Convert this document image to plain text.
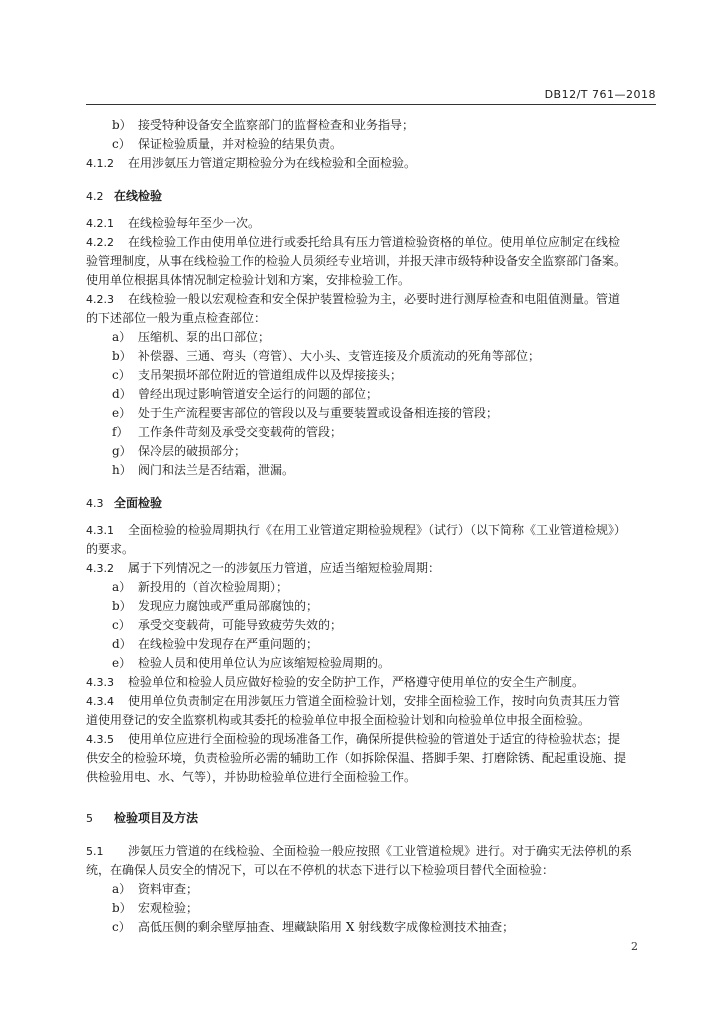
DB12/T 761—2018
b） 接受特种设备安全监察部门的监督检查和业务指导；
c） 保证检验质量，并对检验的结果负责。
4.1.2 在用涉氨压力管道定期检验分为在线检验和全面检验。
4.2 在线检验
4.2.1 在线检验每年至少一次。
4.2.2 在线检验工作由使用单位进行或委托给具有压力管道检验资格的单位。使用单位应制定在线检
验管理制度，从事在线检验工作的检验人员须经专业培训，并报天津市级特种设备安全监察部门备案。
使用单位根据具体情况制定检验计划和方案，安排检验工作。
4.2.3 在线检验一般以宏观检查和安全保护装置检验为主，必要时进行测厚检查和电阻值测量。管道
的下述部位一般为重点检查部位：
a） 压缩机、泵的出口部位；
b） 补偿器、三通、弯头（弯管）、大小头、支管连接及介质流动的死角等部位；
c） 支吊架损坏部位附近的管道组成件以及焊接接头；
d） 曾经出现过影响管道安全运行的问题的部位；
e） 处于生产流程要害部位的管段以及与重要装置或设备相连接的管段；
f） 工作条件苛刻及承受交变载荷的管段；
g） 保冷层的破损部分；
h） 阀门和法兰是否结霜，泄漏。
4.3 全面检验
4.3.1 全面检验的检验周期执行《在用工业管道定期检验规程》（试行）（以下简称《工业管道检规》）
的要求。
4.3.2 属于下列情况之一的涉氨压力管道，应适当缩短检验周期：
a） 新投用的（首次检验周期）；
b） 发现应力腐蚀或严重局部腐蚀的；
c） 承受交变载荷，可能导致疲劳失效的；
d） 在线检验中发现存在严重问题的；
e） 检验人员和使用单位认为应该缩短检验周期的。
4.3.3 检验单位和检验人员应做好检验的安全防护工作，严格遵守使用单位的安全生产制度。
4.3.4 使用单位负责制定在用涉氨压力管道全面检验计划，安排全面检验工作，按时向负责其压力管
道使用登记的安全监察机构或其委托的检验单位申报全面检验计划和向检验单位申报全面检验。
4.3.5 使用单位应进行全面检验的现场准备工作，确保所提供检验的管道处于适宜的待检验状态；提
供安全的检验环境，负责检验所必需的辅助工作（如拆除保温、搭脚手架、打磨除锈、配起重设施、提
供检验用电、水、气等），并协助检验单位进行全面检验工作。
5 检验项目及方法
5.1 涉氨压力管道的在线检验、全面检验一般应按照《工业管道检规》进行。对于确实无法停机的系
统，在确保人员安全的情况下，可以在不停机的状态下进行以下检验项目替代全面检验：
a） 资料审查；
b） 宏观检验；
c） 高低压侧的剩余壁厚抽查、埋藏缺陷用 X 射线数字成像检测技术抽查；
2
